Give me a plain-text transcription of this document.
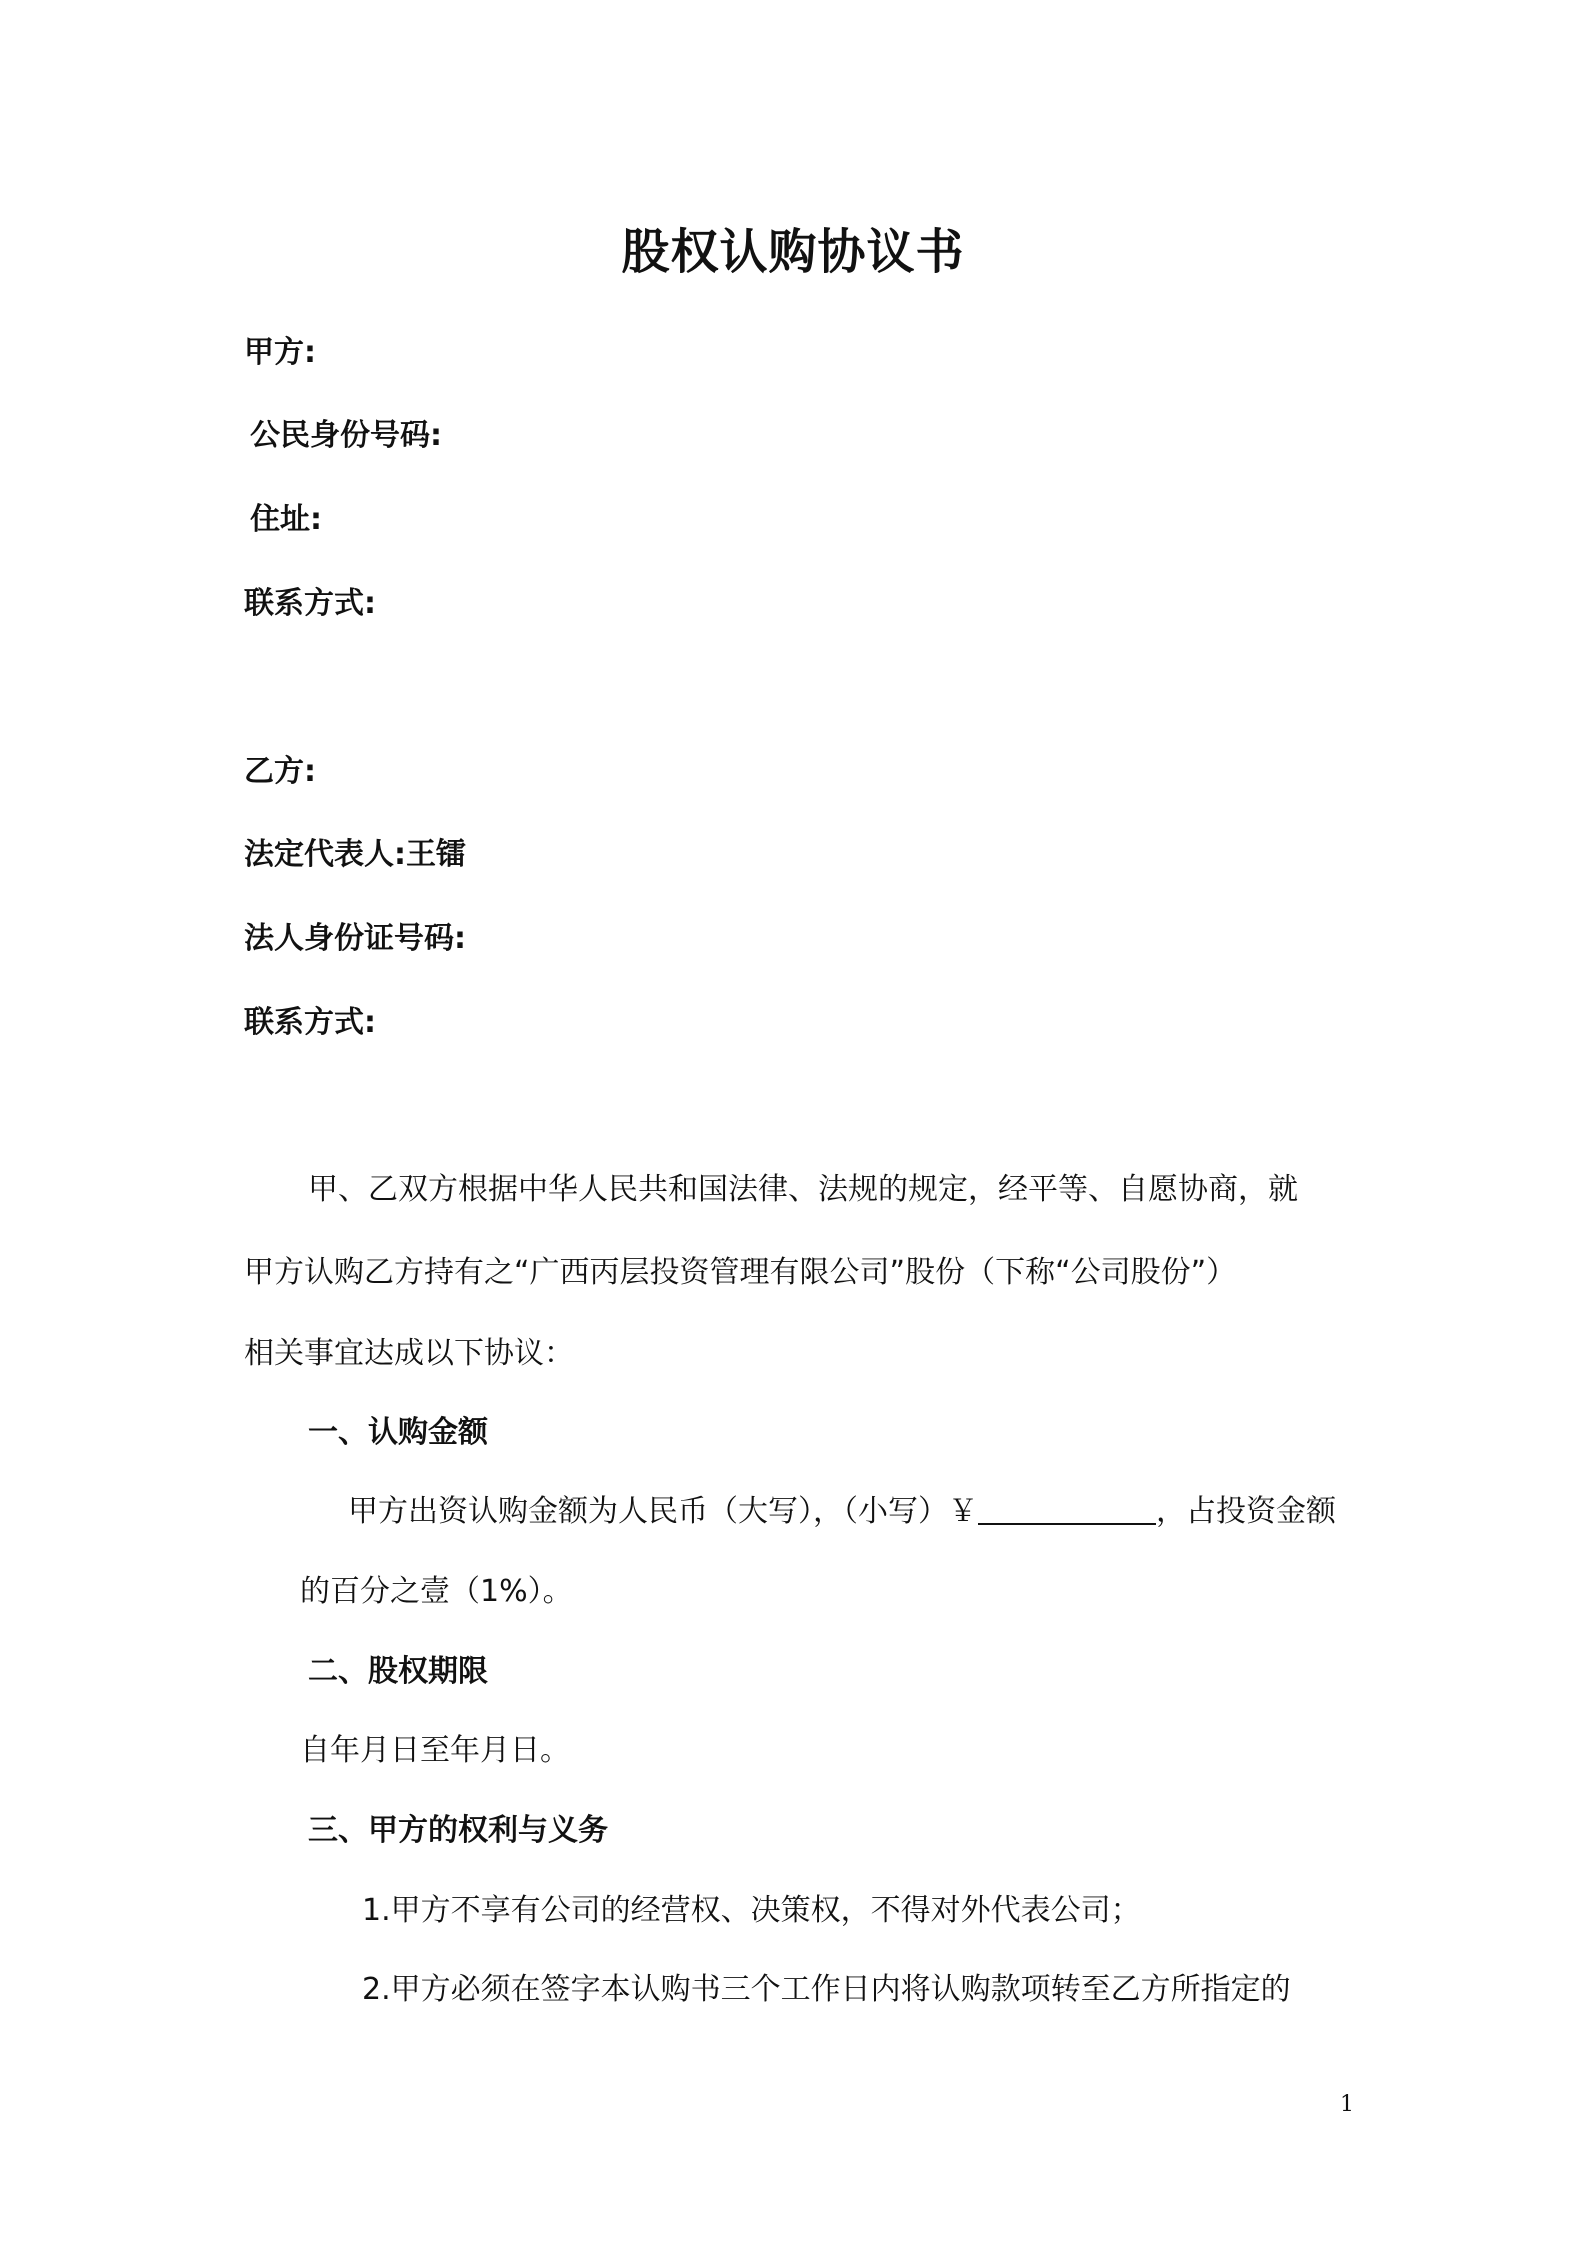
股权认购协议书
甲方:
公民身份号码:
住址:
联系方式:
乙方:
法定代表人:王镭
法人身份证号码:
联系方式:
甲、乙双方根据中华人民共和国法律、法规的规定，经平等、自愿协商，就
甲方认购乙方持有之“广西丙层投资管理有限公司”股份（下称“公司股份”）
相关事宜达成以下协议：
一、认购金额
甲方出资认购金额为人民币（大写），（小写）￥	，占投资金额
的百分之壹（1%）。
二、股权期限
自年月日至年月日。
三、甲方的权利与义务
1.甲方不享有公司的经营权、决策权，不得对外代表公司；
2.甲方必须在签字本认购书三个工作日内将认购款项转至乙方所指定的
1
